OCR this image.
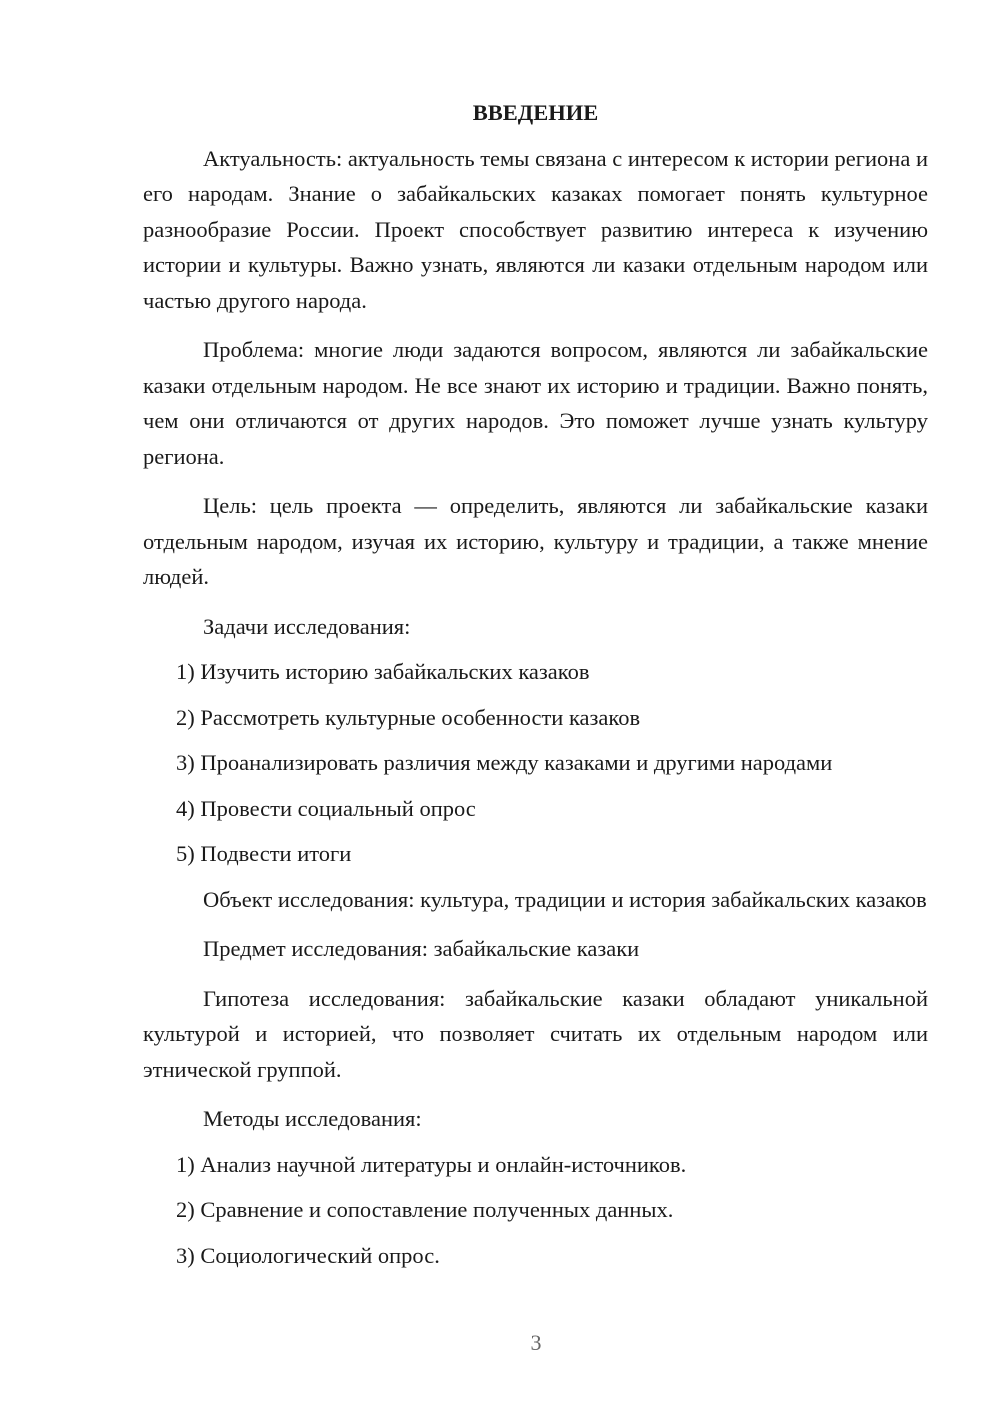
ВВЕДЕНИЕ

Актуальность: актуальность темы связана с интересом к истории региона и его народам. Знание о забайкальских казаках помогает понять культурное разнообразие России. Проект способствует развитию интереса к изучению истории и культуры. Важно узнать, являются ли казаки отдельным народом или частью другого народа.

Проблема: многие люди задаются вопросом, являются ли забайкальские казаки отдельным народом. Не все знают их историю и традиции. Важно понять, чем они отличаются от других народов. Это поможет лучше узнать культуру региона.

Цель: цель проекта — определить, являются ли забайкальские казаки отдельным народом, изучая их историю, культуру и традиции, а также мнение людей.

Задачи исследования:

1) Изучить историю забайкальских казаков
2) Рассмотреть культурные особенности казаков
3) Проанализировать различия между казаками и другими народами
4) Провести социальный опрос
5) Подвести итоги

Объект исследования: культура, традиции и история забайкальских казаков

Предмет исследования: забайкальские казаки

Гипотеза исследования: забайкальские казаки обладают уникальной культурой и историей, что позволяет считать их отдельным народом или этнической группой.

Методы исследования:

1) Анализ научной литературы и онлайн-источников.
2) Сравнение и сопоставление полученных данных.
3) Социологический опрос.
3
